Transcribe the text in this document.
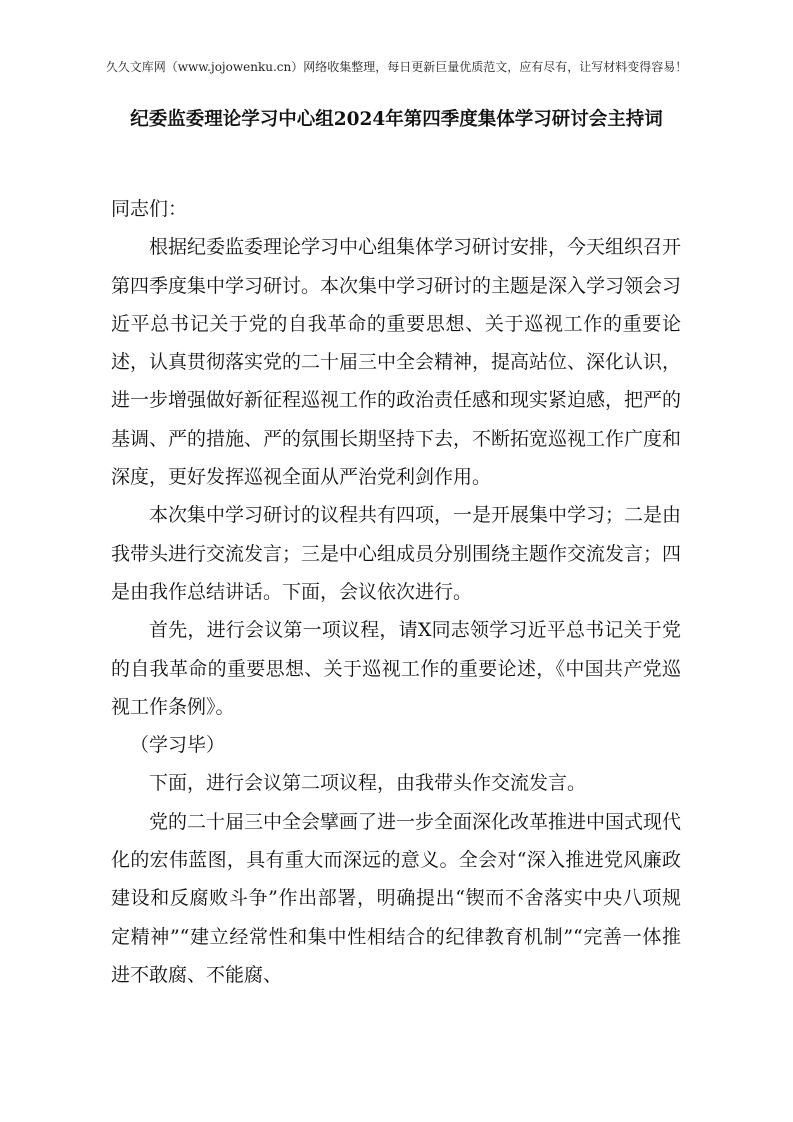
久久文库网（www.jojowenku.cn）网络收集整理，每日更新巨量优质范文，应有尽有，让写材料变得容易！
纪委监委理论学习中心组2024年第四季度集体学习研讨会主持词

同志们：

根据纪委监委理论学习中心组集体学习研讨安排，今天组织召开第四季度集中学习研讨。本次集中学习研讨的主题是深入学习领会习近平总书记关于党的自我革命的重要思想、关于巡视工作的重要论述，认真贯彻落实党的二十届三中全会精神，提高站位、深化认识，进一步增强做好新征程巡视工作的政治责任感和现实紧迫感，把严的基调、严的措施、严的氛围长期坚持下去，不断拓宽巡视工作广度和深度，更好发挥巡视全面从严治党利剑作用。

本次集中学习研讨的议程共有四项，一是开展集中学习；二是由我带头进行交流发言；三是中心组成员分别围绕主题作交流发言；四是由我作总结讲话。下面，会议依次进行。

首先，进行会议第一项议程，请X同志领学习近平总书记关于党的自我革命的重要思想、关于巡视工作的重要论述，《中国共产党巡视工作条例》。

（学习毕）

下面，进行会议第二项议程，由我带头作交流发言。

党的二十届三中全会擘画了进一步全面深化改革推进中国式现代化的宏伟蓝图，具有重大而深远的意义。全会对“深入推进党风廉政建设和反腐败斗争”作出部署，明确提出“锲而不舍落实中央八项规定精神”“建立经常性和集中性相结合的纪律教育机制”“完善一体推进不敢腐、不能腐、
